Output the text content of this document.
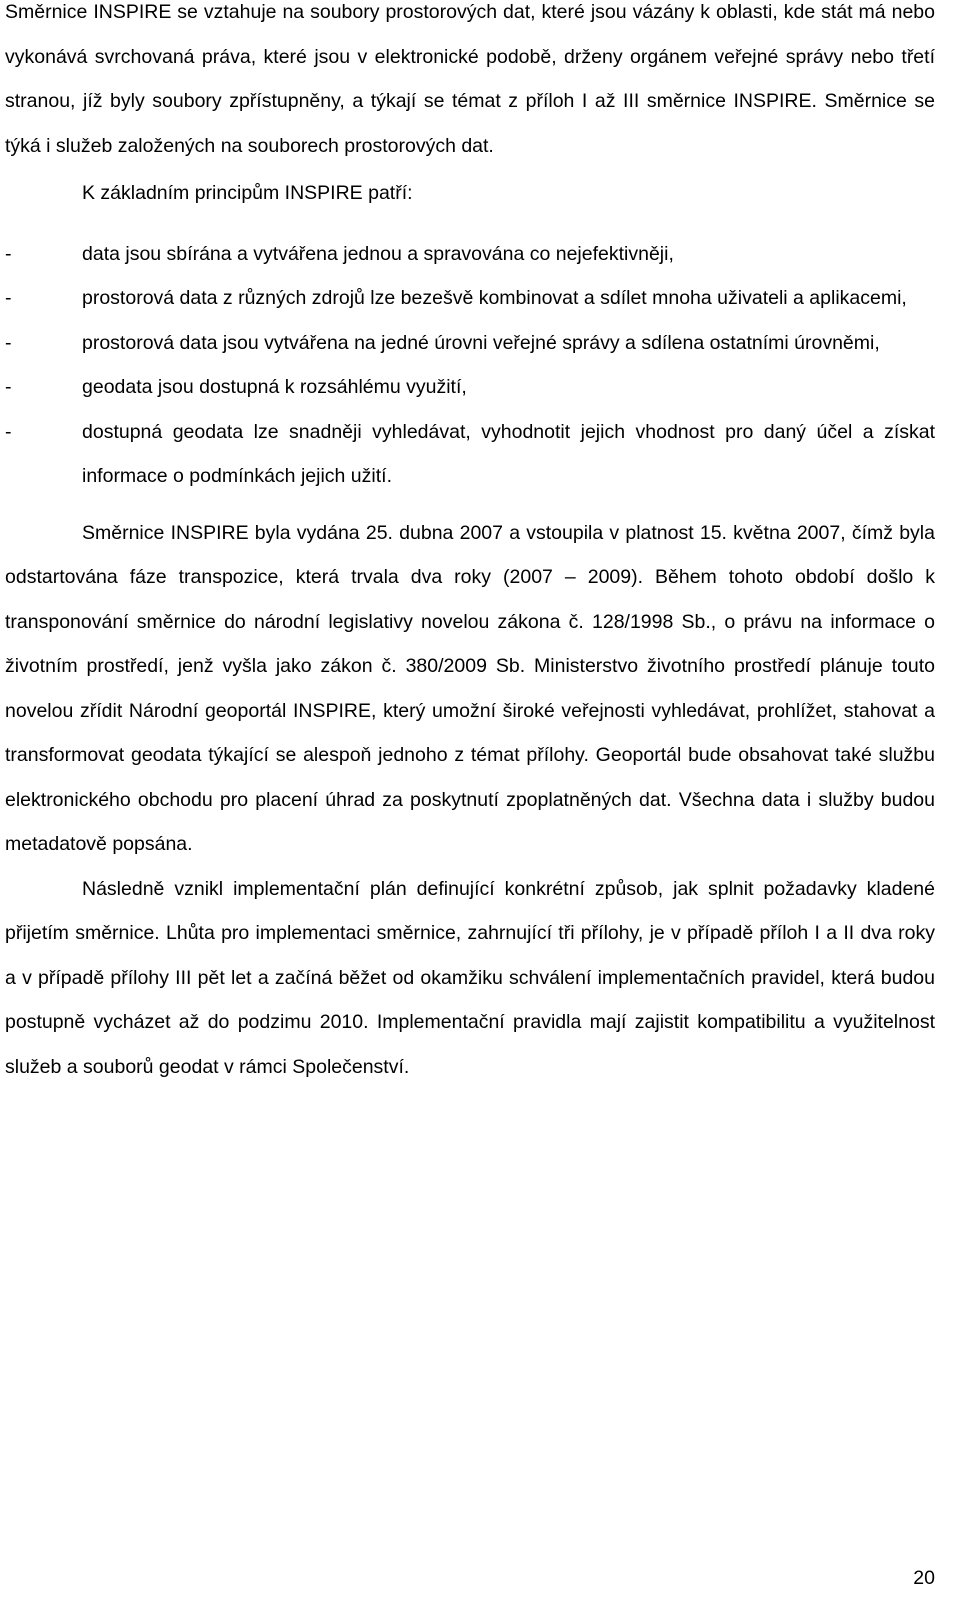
Směrnice INSPIRE se vztahuje na soubory prostorových dat, které jsou vázány k oblasti, kde stát má nebo vykonává svrchovaná práva, které jsou v elektronické podobě, drženy orgánem veřejné správy nebo třetí stranou, jíž byly soubory zpřístupněny, a týkají se témat z příloh I až III směrnice INSPIRE. Směrnice se týká i služeb založených na souborech prostorových dat.

K základním principům INSPIRE patří:

-	data jsou sbírána a vytvářena jednou a spravována co nejefektivněji,
-	prostorová data z různých zdrojů lze bezešvě kombinovat a sdílet mnoha uživateli a aplikacemi,
-	prostorová data jsou vytvářena na jedné úrovni veřejné správy a sdílena ostatními úrovněmi,
-	geodata jsou dostupná k rozsáhlému využití,
-	dostupná geodata lze snadněji vyhledávat, vyhodnotit jejich vhodnost pro daný účel a získat informace o podmínkách jejich užití.

Směrnice INSPIRE byla vydána 25. dubna 2007 a vstoupila v platnost 15. května 2007, čímž byla odstartována fáze transpozice, která trvala dva roky (2007 – 2009). Během tohoto období došlo k transponování směrnice do národní legislativy novelou zákona č. 128/1998 Sb., o právu na informace o životním prostředí, jenž vyšla jako zákon č. 380/2009 Sb. Ministerstvo životního prostředí plánuje touto novelou zřídit Národní geoportál INSPIRE, který umožní široké veřejnosti vyhledávat, prohlížet, stahovat a transformovat geodata týkající se alespoň jednoho z témat přílohy. Geoportál bude obsahovat také službu elektronického obchodu pro placení úhrad za poskytnutí zpoplatněných dat. Všechna data i služby budou metadatově popsána.

Následně vznikl implementační plán definující konkrétní způsob, jak splnit požadavky kladené přijetím směrnice. Lhůta pro implementaci směrnice, zahrnující tři přílohy, je v případě příloh I a II dva roky a v případě přílohy III pět let a začíná běžet od okamžiku schválení implementačních pravidel, která budou postupně vycházet až do podzimu 2010. Implementační pravidla mají zajistit kompatibilitu a využitelnost služeb a souborů geodat v rámci Společenství.

20
